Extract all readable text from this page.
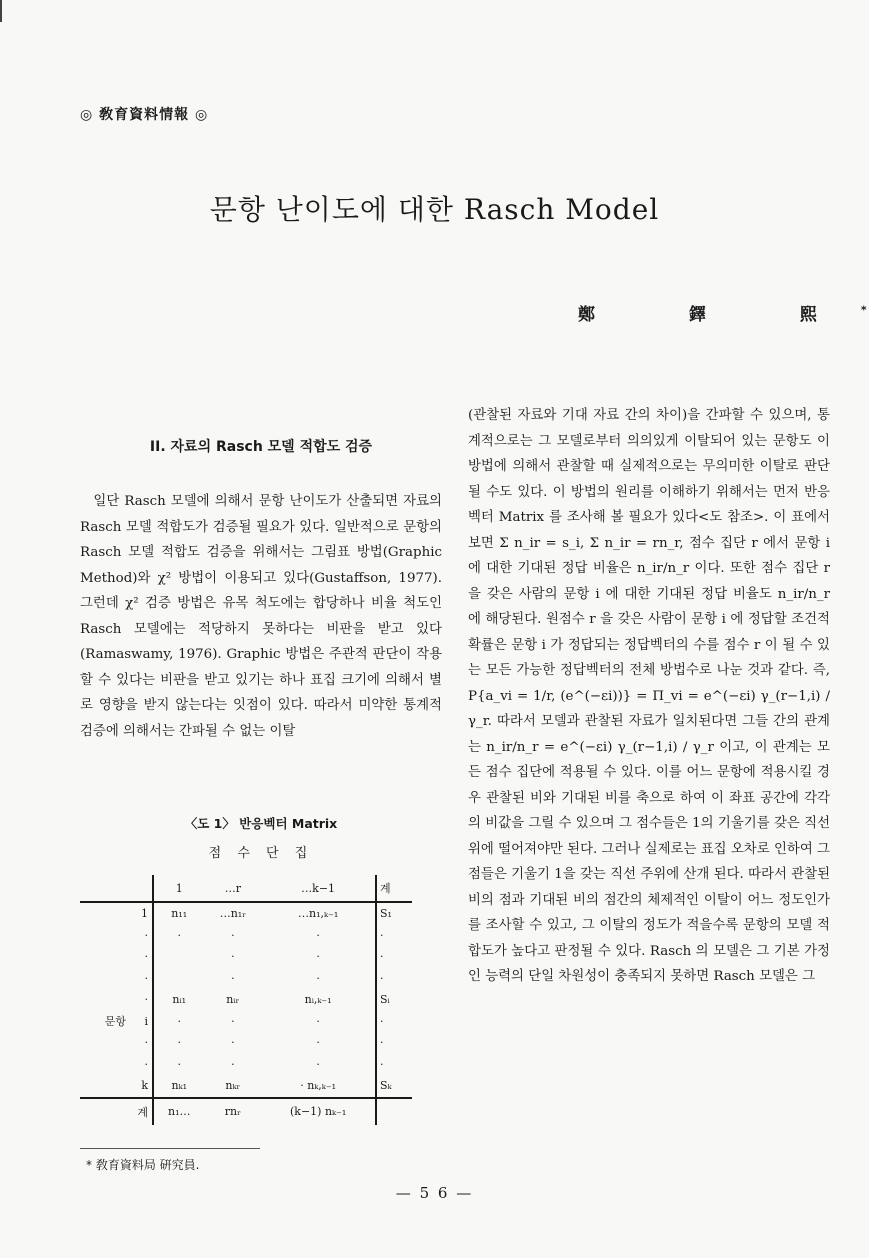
◎ 敎育資料情報 ◎
문항 난이도에 대한 Rasch Model
鄭 鐸 熙*
II. 자료의 Rasch 모델 적합도 검증

일단 Rasch 모델에 의해서 문항 난이도가 산출되면 자료의 Rasch 모델 적합도가 검증될 필요가 있다. 일반적으로 문항의 Rasch 모델 적합도 검증을 위해서는 그림표 방법(Graphic Method)와 χ² 방법이 이용되고 있다(Gustaffson, 1977). 그런데 χ² 검증 방법은 유목 척도에는 합당하나 비율 척도인 Rasch 모델에는 적당하지 못하다는 비판을 받고 있다(Ramaswamy, 1976). Graphic 방법은 주관적 판단이 작용할 수 있다는 비판을 받고 있기는 하나 표집 크기에 의해서 별로 영향을 받지 않는다는 잇점이 있다. 따라서 미약한 통계적 검증에 의해서는 간파될 수 없는 이탈

(관찰된 자료와 기대 자료 간의 차이)을 간파할 수 있으며, 통계적으로는 그 모델로부터 의의있게 이탈되어 있는 문항도 이 방법에 의해서 관찰할 때 실제적으로는 무의미한 이탈로 판단될 수도 있다. 이 방법의 원리를 이해하기 위해서는 먼저 반응벡터 Matrix 를 조사해 볼 필요가 있다<도 참조>. 이 표에서 보면 Σ n_ir = s_i, Σ n_ir = rn_r, 점수 집단 r 에서 문항 i 에 대한 기대된 정답 비율은 n_ir/n_r 이다. 또한 점수 집단 r 을 갖은 사람의 문항 i 에 대한 기대된 정답 비율도 n_ir/n_r 에 해당된다. 원점수 r 을 갖은 사람이 문항 i 에 정답할 조건적 확률은 문항 i 가 정답되는 정답벡터의 수를 점수 r 이 될 수 있는 모든 가능한 정답벡터의 전체 방법수로 나눈 것과 같다. 즉, P{a_vi = 1/r, (e^(−εi))} = Π_vi = e^(−εi) γ_(r−1,i) / γ_r. 따라서 모델과 관찰된 자료가 일치된다면 그들 간의 관계는 n_ir/n_r = e^(−εi) γ_(r−1,i) / γ_r 이고, 이 관계는 모든 점수 집단에 적용될 수 있다. 이를 어느 문항에 적용시킬 경우 관찰된 비와 기대된 비를 축으로 하여 이 좌표 공간에 각각의 비값을 그릴 수 있으며 그 점수들은 1의 기울기를 갖은 직선 위에 떨어져야만 된다. 그러나 실제로는 표집 오차로 인하여 그 점들은 기울기 1을 갖는 직선 주위에 산개 된다. 따라서 관찰된 비의 점과 기대된 비의 점간의 체제적인 이탈이 어느 정도인가를 조사할 수 있고, 그 이탈의 정도가 적을수록 문항의 모델 적합도가 높다고 판정될 수 있다. Rasch 의 모델은 그 기본 가정인 능력의 단일 차원성이 충족되지 못하면 Rasch 모델은 그

〈도 1〉 반응벡터 Matrix
점 수 단 집
		1	…r	…k−1	계
	1	n₁₁	…n₁ᵣ	…n₁,ₖ₋₁	S₁
	·	·	·	·	·
	·		·	·	·
	·		·	·	·
	·	nᵢ₁	nᵢᵣ	nᵢ,ₖ₋₁	Sᵢ
문항	i	·	·	·	·
	·	·	·	·	·
	·	·	·	·	·
	k	nₖ₁	nₖᵣ	· nₖ,ₖ₋₁	Sₖ
	계	n₁…	rnᵣ	(k−1) nₖ₋₁	
* 敎育資料局 硏究員.
— 5 6 —
